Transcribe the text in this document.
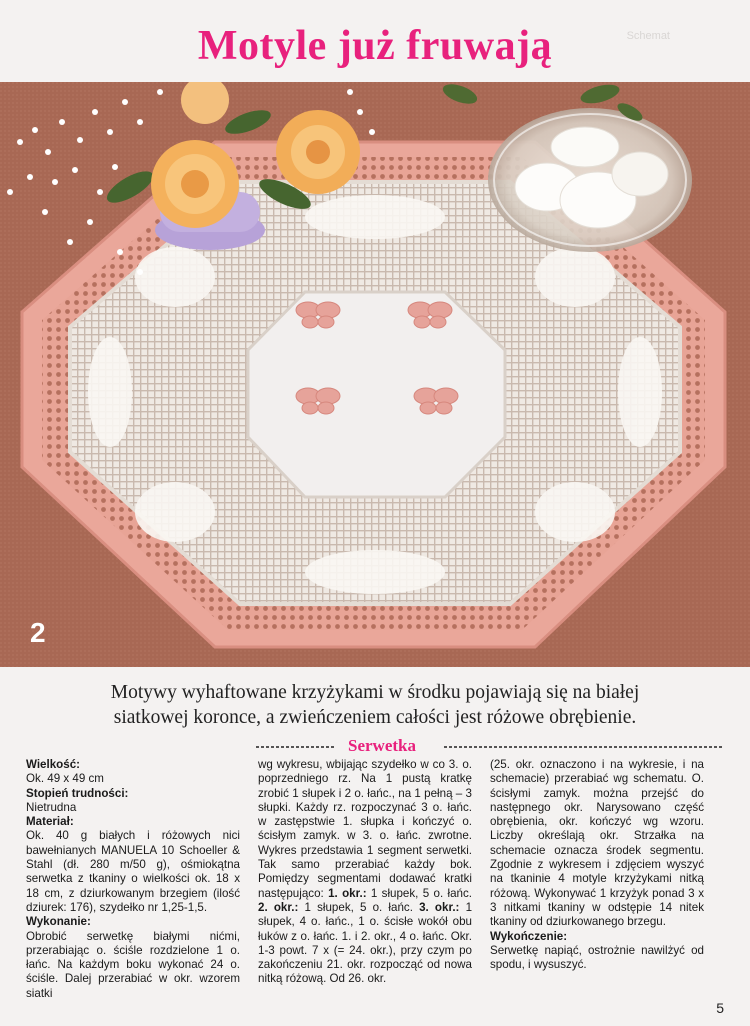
Motyle już fruwają	Schemat
2
Motywy wyhaftowane krzyżykami w środku pojawiają się na białej
siatkowej koronce, a zwieńczeniem całości jest różowe obrębienie.
Serwetka
Wielkość:
Ok. 49 x 49 cm
Stopień trudności:
Nietrudna
Materiał:
Ok. 40 g białych i różowych nici bawełnianych MANUELA 10 Schoeller & Stahl (dł. 280 m/50 g), ośmiokątna serwetka z tkaniny o wielkości ok. 18 x 18 cm, z dziurkowanym brzegiem (ilość dziurek: 176), szydełko nr 1,25-1,5.
Wykonanie:
Obrobić serwetkę białymi nićmi, przerabiając o. ściśle rozdzielone 1 o. łańc. Na każdym boku wykonać 24 o. ściśle. Dalej przerabiać w okr. wzorem siatki
wg wykresu, wbijając szydełko w co 3. o. poprzedniego rz. Na 1 pustą kratkę zrobić 1 słupek i 2 o. łańc., na 1 pełną – 3 słupki. Każdy rz. rozpoczynać 3 o. łańc. w zastępstwie 1. słupka i kończyć o. ścisłym zamyk. w 3. o. łańc. zwrotne. Wykres przedstawia 1 segment serwetki. Tak samo przerabiać każdy bok. Pomiędzy segmentami dodawać kratki następująco: 1. okr.: 1 słupek, 5 o. łańc. 2. okr.: 1 słupek, 5 o. łańc. 3. okr.: 1 słupek, 4 o. łańc., 1 o. ścisłe wokół obu łuków z o. łańc. 1. i 2. okr., 4 o. łańc. Okr. 1-3 powt. 7 x (= 24. okr.), przy czym po zakończeniu 21. okr. rozpocząć od nowa nitką różową. Od 26. okr.
(25. okr. oznaczono i na wykresie, i na schemacie) przerabiać wg schematu. O. ścisłymi zamyk. można przejść do następnego okr. Narysowano część obrębienia, okr. kończyć wg wzoru. Liczby określają okr. Strzałka na schemacie oznacza środek segmentu. Zgodnie z wykresem i zdjęciem wyszyć na tkaninie 4 motyle krzyżykami nitką różową. Wykonywać 1 krzyżyk ponad 3 x 3 nitkami tkaniny w odstępie 14 nitek tkaniny od dziurkowanego brzegu.
Wykończenie:
Serwetkę napiąć, ostrożnie nawilżyć od spodu, i wysuszyć.
5
